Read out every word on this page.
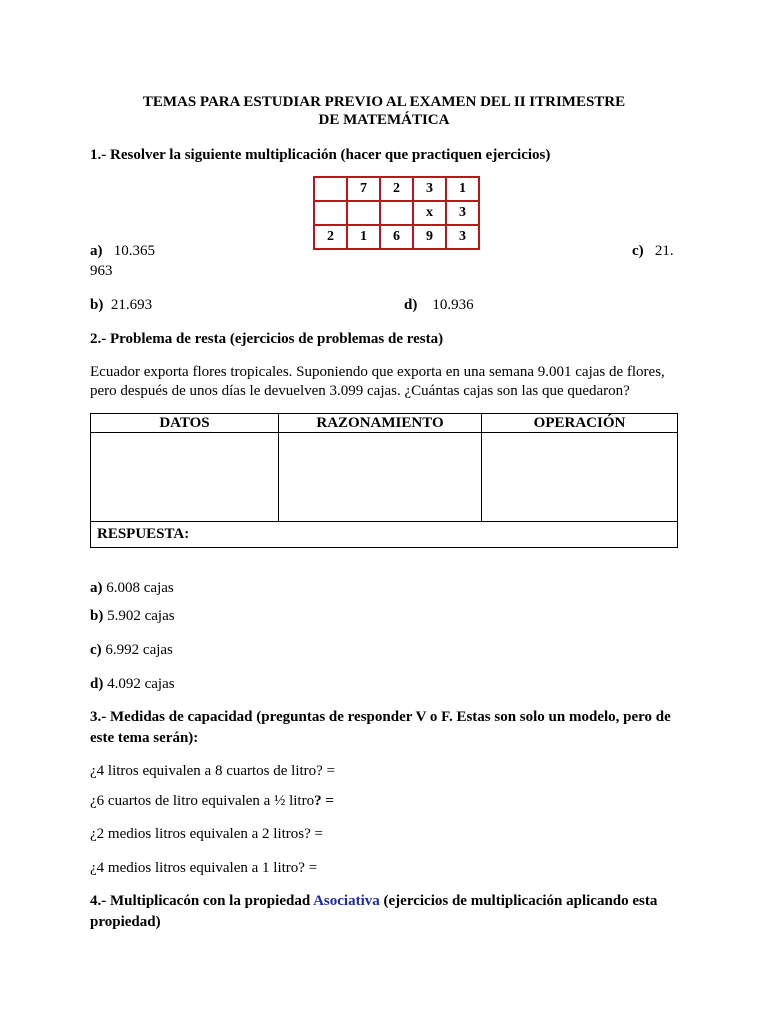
TEMAS PARA ESTUDIAR PREVIO AL EXAMEN DEL II ITRIMESTRE
DE MATEMÁTICA
1.- Resolver la siguiente multiplicación (hacer que practiquen ejercicios)
	7	2	3	1
			x	3
2	1	6	9	3
a) 10.365	c) 21.
963
b) 21.693	d) 10.936
2.- Problema de resta (ejercicios de problemas de resta)
Ecuador exporta flores tropicales. Suponiendo que exporta en una semana 9.001 cajas de flores,
pero después de unos días le devuelven 3.099 cajas. ¿Cuántas cajas son las que quedaron?
DATOS	RAZONAMIENTO	OPERACIÓN

RESPUESTA:		
a) 6.008 cajas
b) 5.902 cajas
c) 6.992 cajas
d) 4.092 cajas
3.- Medidas de capacidad (preguntas de responder V o F. Estas son solo un modelo, pero de
este tema serán):
¿4 litros equivalen a 8 cuartos de litro? =
¿6 cuartos de litro equivalen a ½ litro? =
¿2 medios litros equivalen a 2 litros? =
¿4 medios litros equivalen a 1 litro? =
4.- Multiplicacón con la propiedad Asociativa (ejercicios de multiplicación aplicando esta
propiedad)
